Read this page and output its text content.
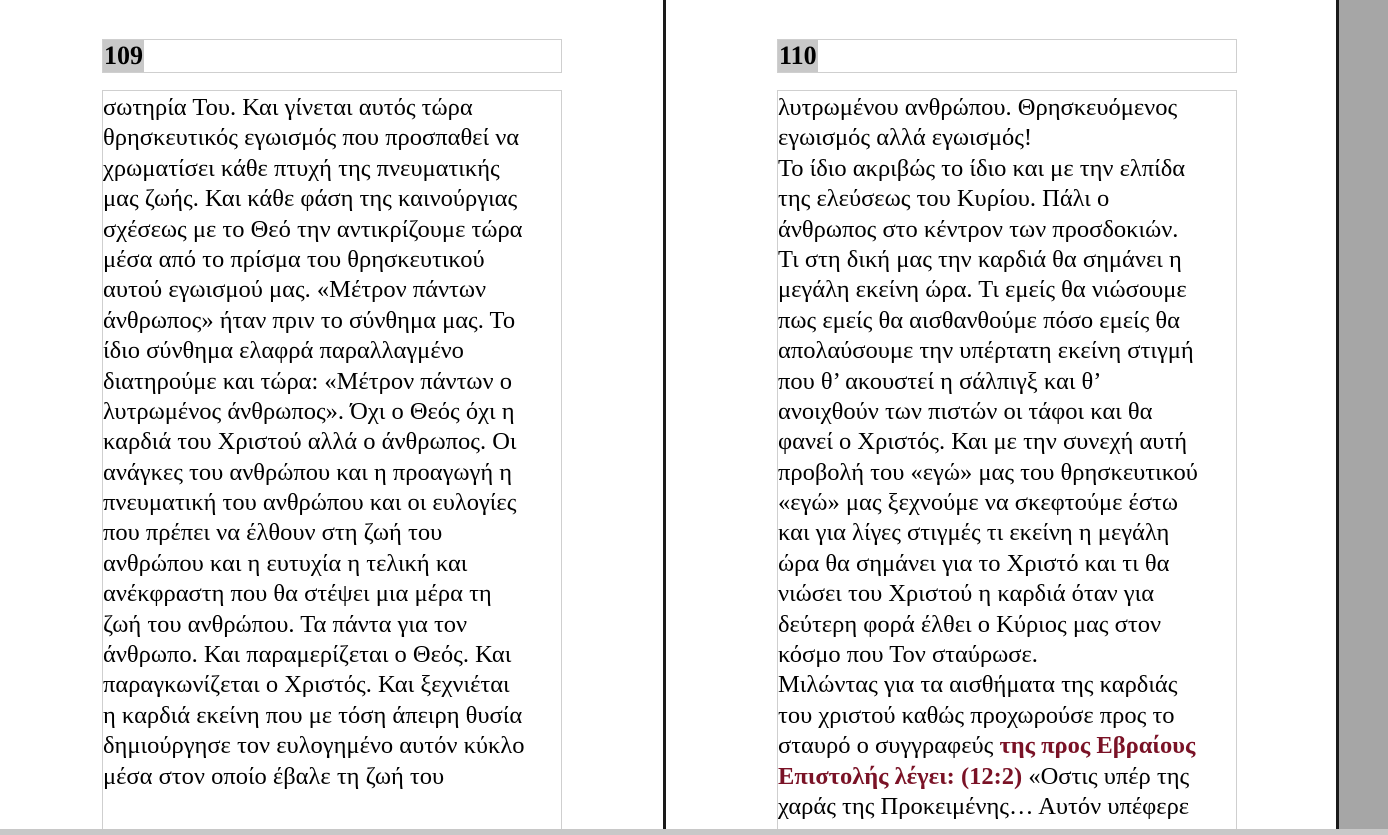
109
σωτηρία Του. Και γίνεται αυτός τώρα
θρησκευτικός εγωισμός που προσπαθεί να
χρωματίσει κάθε πτυχή της πνευματικής
μας ζωής. Και κάθε φάση της καινούργιας
σχέσεως με το Θεό την αντικρίζουμε τώρα
μέσα από το πρίσμα του θρησκευτικού
αυτού εγωισμού μας. «Μέτρον πάντων
άνθρωπος» ήταν πριν το σύνθημα μας. Το
ίδιο σύνθημα ελαφρά παραλλαγμένο
διατηρούμε και τώρα: «Μέτρον πάντων ο
λυτρωμένος άνθρωπος». Όχι ο Θεός όχι η
καρδιά του Χριστού αλλά ο άνθρωπος. Οι
ανάγκες του ανθρώπου και η προαγωγή η
πνευματική του ανθρώπου και οι ευλογίες
που πρέπει να έλθουν στη ζωή του
ανθρώπου και η ευτυχία η τελική και
ανέκφραστη που θα στέψει μια μέρα τη
ζωή του ανθρώπου. Τα πάντα για τον
άνθρωπο. Και παραμερίζεται ο Θεός. Και
παραγκωνίζεται ο Χριστός. Και ξεχνιέται
η καρδιά εκείνη που με τόση άπειρη θυσία
δημιούργησε τον ευλογημένο αυτόν κύκλο
μέσα στον οποίο έβαλε τη ζωή του
110
λυτρωμένου ανθρώπου. Θρησκευόμενος
εγωισμός αλλά εγωισμός!
Το ίδιο ακριβώς το ίδιο και με την ελπίδα
της ελεύσεως του Κυρίου. Πάλι ο
άνθρωπος στο κέντρον των προσδοκιών.
Τι στη δική μας την καρδιά θα σημάνει η
μεγάλη εκείνη ώρα. Τι εμείς θα νιώσουμε
πως εμείς θα αισθανθούμε πόσο εμείς θα
απολαύσουμε την υπέρτατη εκείνη στιγμή
που θ’ ακουστεί η σάλπιγξ και θ’
ανοιχθούν των πιστών οι τάφοι και θα
φανεί ο Χριστός. Και με την συνεχή αυτή
προβολή του «εγώ» μας του θρησκευτικού
«εγώ» μας ξεχνούμε να σκεφτούμε έστω
και για λίγες στιγμές τι εκείνη η μεγάλη
ώρα θα σημάνει για το Χριστό και τι θα
νιώσει του Χριστού η καρδιά όταν για
δεύτερη φορά έλθει ο Κύριος μας στον
κόσμο που Τον σταύρωσε.
Μιλώντας για τα αισθήματα της καρδιάς
του χριστού καθώς προχωρούσε προς το
σταυρό ο συγγραφεύς της προς Εβραίους
Επιστολής λέγει: (12:2) «Οστις υπέρ της
χαράς της Προκειμένης… Αυτόν υπέφερε
